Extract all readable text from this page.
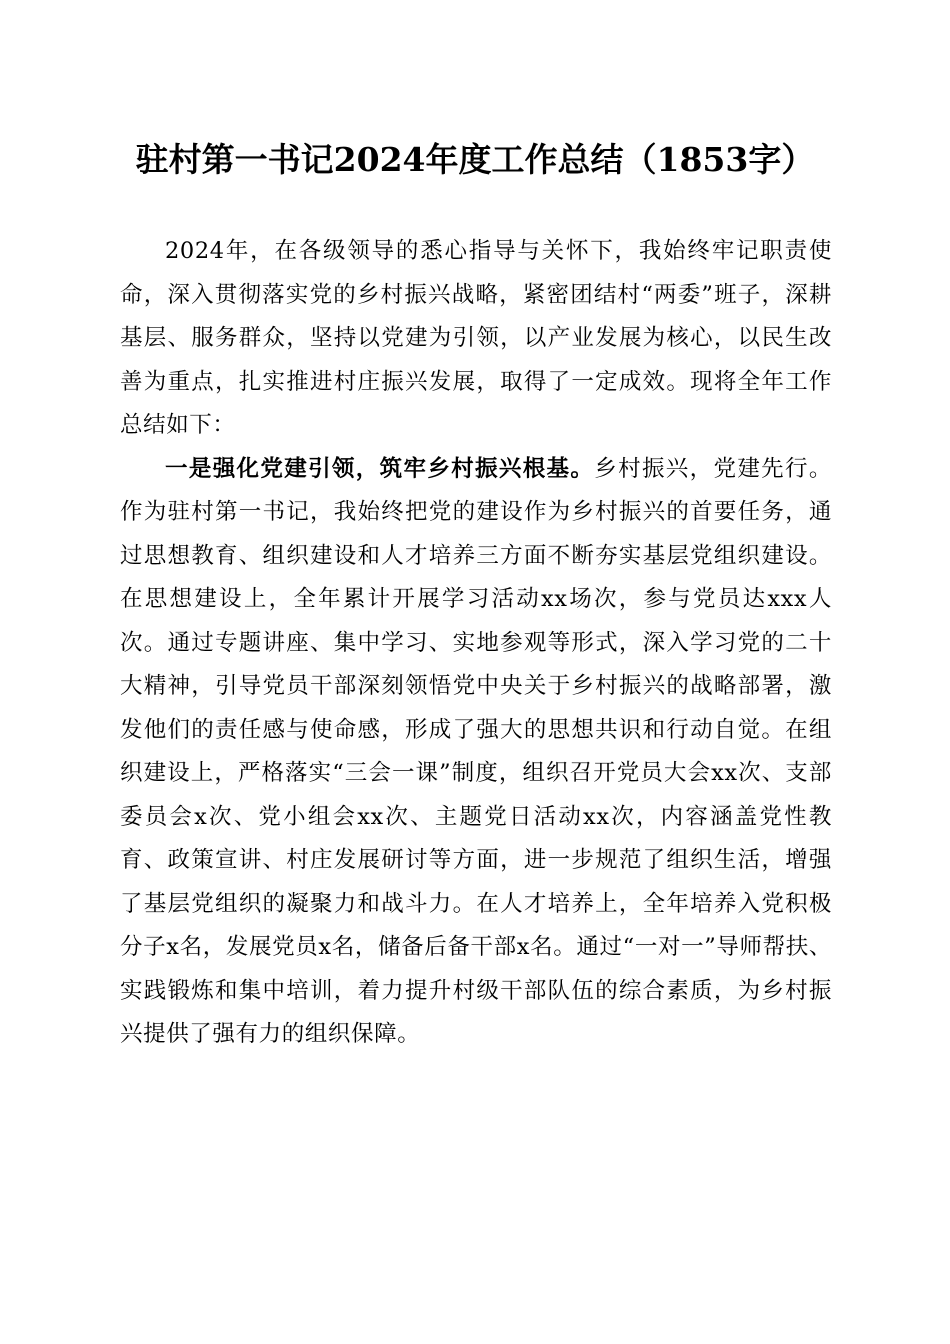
驻村第一书记2024年度工作总结（1853字）

2024年，在各级领导的悉心指导与关怀下，我始终牢记职责使命，深入贯彻落实党的乡村振兴战略，紧密团结村“两委”班子，深耕基层、服务群众，坚持以党建为引领，以产业发展为核心，以民生改善为重点，扎实推进村庄振兴发展，取得了一定成效。现将全年工作总结如下：

一是强化党建引领，筑牢乡村振兴根基。乡村振兴，党建先行。作为驻村第一书记，我始终把党的建设作为乡村振兴的首要任务，通过思想教育、组织建设和人才培养三方面不断夯实基层党组织建设。在思想建设上，全年累计开展学习活动xx场次，参与党员达xxx人次。通过专题讲座、集中学习、实地参观等形式，深入学习党的二十大精神，引导党员干部深刻领悟党中央关于乡村振兴的战略部署，激发他们的责任感与使命感，形成了强大的思想共识和行动自觉。在组织建设上，严格落实“三会一课”制度，组织召开党员大会xx次、支部委员会x次、党小组会xx次、主题党日活动xx次，内容涵盖党性教育、政策宣讲、村庄发展研讨等方面，进一步规范了组织生活，增强了基层党组织的凝聚力和战斗力。在人才培养上，全年培养入党积极分子x名，发展党员x名，储备后备干部x名。通过“一对一”导师帮扶、实践锻炼和集中培训，着力提升村级干部队伍的综合素质，为乡村振兴提供了强有力的组织保障。
